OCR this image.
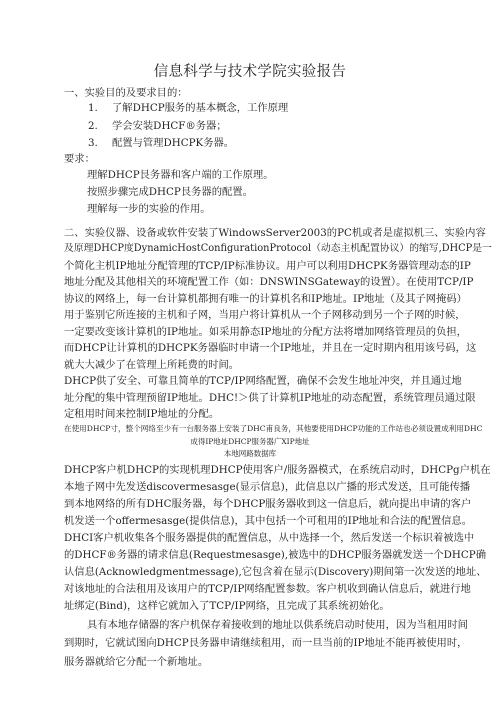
信息科学与技术学院实验报告
一、实验目的及要求目的：
1. 了解DHCP服务的基本概念，工作原理
2. 学会安装DHCF®务器；
3. 配置与管理DHCPK务器。
要求：
理解DHCP艮务器和客户端的工作原理。
按照步骤完成DHCP艮务器的配置。
理解每一步的实验的作用。
二、实验仪器、设备或软件安装了WindowsServer2003的PC机或者是虚拟机三、实验内容
及原理DHCP度DynamicHostConfigurationProtocol（动态主机配置协议）的缩写,DHCP是一
个简化主机IP地址分配管理的TCP/IP标准协议。用户可以利用DHCPK务器管理动态的IP
地址分配及其他相关的环境配置工作（如：DNSWINSGateway的设置）。在使用TCP/IP
协议的网络上，每一台计算机都拥有唯一的计算机名和IP地址。IP地址（及其子网掩码）
用于鉴别它所连接的主机和子网，当用户将计算机从一个子网移动到另一个子网的时候，
一定要改变该计算机的IP地址。如采用静态IP地址的分配方法将增加网络管理员的负担，
而DHCP让计算机的DHCPK务器临时申请一个IP地址，并且在一定时期内租用该号码，这
就大大减少了在管理上所耗费的时间。
DHCP供了安全、可靠且简单的TCP/IP网络配置，确保不会发生地址冲突，并且通过地
址分配的集中管理预留IP地址。DHC!＞供了计算机IP地址的动态配置，系统管理员通过限
定租用时间来控制IP地址的分配。
在使用DHCP寸，整个网络至少有一台服务器上安装了DHC甫良务，其他要使用DHCP功能的工作站也必须设置成利用DHC
成得IP地址DHCP服务器广XIP地址
本地网路数据库
DHCP客户机DHCP的实现机理DHCP使用客户/服务器模式，在系统启动时，DHCPg户机在
本地子网中先发送discovermesasge(显示信息)，此信息以广播的形式发送，且可能传播
到本地网络的所有DHC服务器，每个DHCP服务器收到这一信息后，就向提出申请的客户
机发送一个offermesasge(提供信息)，其中包括一个可租用的IP地址和合法的配置信息。
DHCI客户机收集各个服务器提供的配置信息，从中选择一个，然后发送一个标识着被选中
的DHCF®务器的请求信息(Requestmesasge),被选中的DHCP服务器就发送一个DHCP确
认信息(Acknowledgmentmessage),它包含着在显示(Discovery)期间第一次发送的地址、
对该地址的合法租用及该用户的TCP/IP网络配置参数。客户机收到确认信息后，就进行地
址绑定(Bind)，这样它就加入了TCP/IP网络，且完成了其系统初始化。
具有本地存储器的客户机保存着接收到的地址以供系统启动时使用，因为当租用时间
到期时，它就试图向DHCP艮务器申请继续租用，而一旦当前的IP地址不能再被使用时，
服务器就给它分配一个新地址。
